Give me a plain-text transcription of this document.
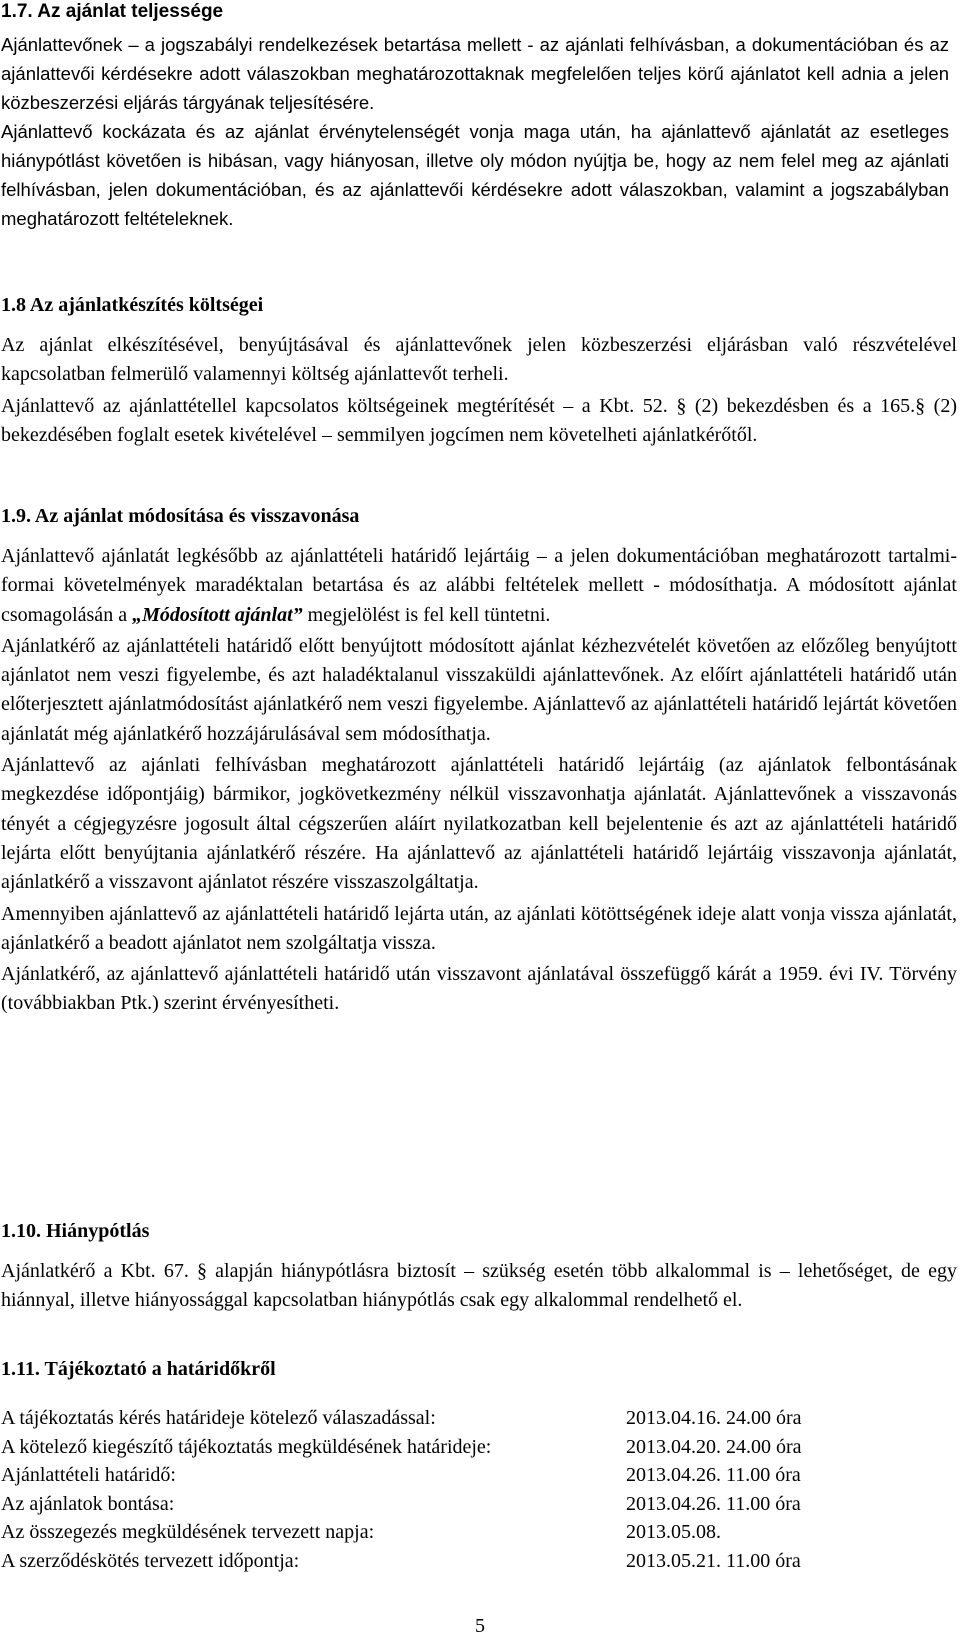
1.7. Az ajánlat teljessége

Ajánlattevőnek – a jogszabályi rendelkezések betartása mellett - az ajánlati felhívásban, a dokumentációban és az ajánlattevői kérdésekre adott válaszokban meghatározottaknak megfelelően teljes körű ajánlatot kell adnia a jelen közbeszerzési eljárás tárgyának teljesítésére.

Ajánlattevő kockázata és az ajánlat érvénytelenségét vonja maga után, ha ajánlattevő ajánlatát az esetleges hiánypótlást követően is hibásan, vagy hiányosan, illetve oly módon nyújtja be, hogy az nem felel meg az ajánlati felhívásban, jelen dokumentációban, és az ajánlattevői kérdésekre adott válaszokban, valamint a jogszabályban meghatározott feltételeknek.

1.8 Az ajánlatkészítés költségei

Az ajánlat elkészítésével, benyújtásával és ajánlattevőnek jelen közbeszerzési eljárásban való részvételével kapcsolatban felmerülő valamennyi költség ajánlattevőt terheli.

Ajánlattevő az ajánlattétellel kapcsolatos költségeinek megtérítését – a Kbt. 52. § (2) bekezdésben és a 165.§ (2) bekezdésében foglalt esetek kivételével – semmilyen jogcímen nem követelheti ajánlatkérőtől.

1.9. Az ajánlat módosítása és visszavonása

Ajánlattevő ajánlatát legkésőbb az ajánlattételi határidő lejártáig – a jelen dokumentációban meghatározott tartalmi-formai követelmények maradéktalan betartása és az alábbi feltételek mellett - módosíthatja. A módosított ajánlat csomagolásán a „Módosított ajánlat” megjelölést is fel kell tüntetni.

Ajánlatkérő az ajánlattételi határidő előtt benyújtott módosított ajánlat kézhezvételét követően az előzőleg benyújtott ajánlatot nem veszi figyelembe, és azt haladéktalanul visszaküldi ajánlattevőnek. Az előírt ajánlattételi határidő után előterjesztett ajánlatmódosítást ajánlatkérő nem veszi figyelembe. Ajánlattevő az ajánlattételi határidő lejártát követően ajánlatát még ajánlatkérő hozzájárulásával sem módosíthatja.

Ajánlattevő az ajánlati felhívásban meghatározott ajánlattételi határidő lejártáig (az ajánlatok felbontásának megkezdése időpontjáig) bármikor, jogkövetkezmény nélkül visszavonhatja ajánlatát. Ajánlattevőnek a visszavonás tényét a cégjegyzésre jogosult által cégszerűen aláírt nyilatkozatban kell bejelentenie és azt az ajánlattételi határidő lejárta előtt benyújtania ajánlatkérő részére. Ha ajánlattevő az ajánlattételi határidő lejártáig visszavonja ajánlatát, ajánlatkérő a visszavont ajánlatot részére visszaszolgáltatja.

Amennyiben ajánlattevő az ajánlattételi határidő lejárta után, az ajánlati kötöttségének ideje alatt vonja vissza ajánlatát, ajánlatkérő a beadott ajánlatot nem szolgáltatja vissza.

Ajánlatkérő, az ajánlattevő ajánlattételi határidő után visszavont ajánlatával összefüggő kárát a 1959. évi IV. Törvény (továbbiakban Ptk.) szerint érvényesítheti.

1.10. Hiánypótlás

Ajánlatkérő a Kbt. 67. § alapján hiánypótlásra biztosít – szükség esetén több alkalommal is – lehetőséget, de egy hiánnyal, illetve hiányossággal kapcsolatban hiánypótlás csak egy alkalommal rendelhető el.

1.11. Tájékoztató a határidőkről
A tájékoztatás kérés határideje kötelező válaszadással:	2013.04.16. 24.00 óra
A kötelező kiegészítő tájékoztatás megküldésének határideje:	2013.04.20. 24.00 óra
Ajánlattételi határidő:	2013.04.26. 11.00 óra
Az ajánlatok bontása:	2013.04.26. 11.00 óra
Az összegezés megküldésének tervezett napja:	2013.05.08.
A szerződéskötés tervezett időpontja:	2013.05.21. 11.00 óra
5
